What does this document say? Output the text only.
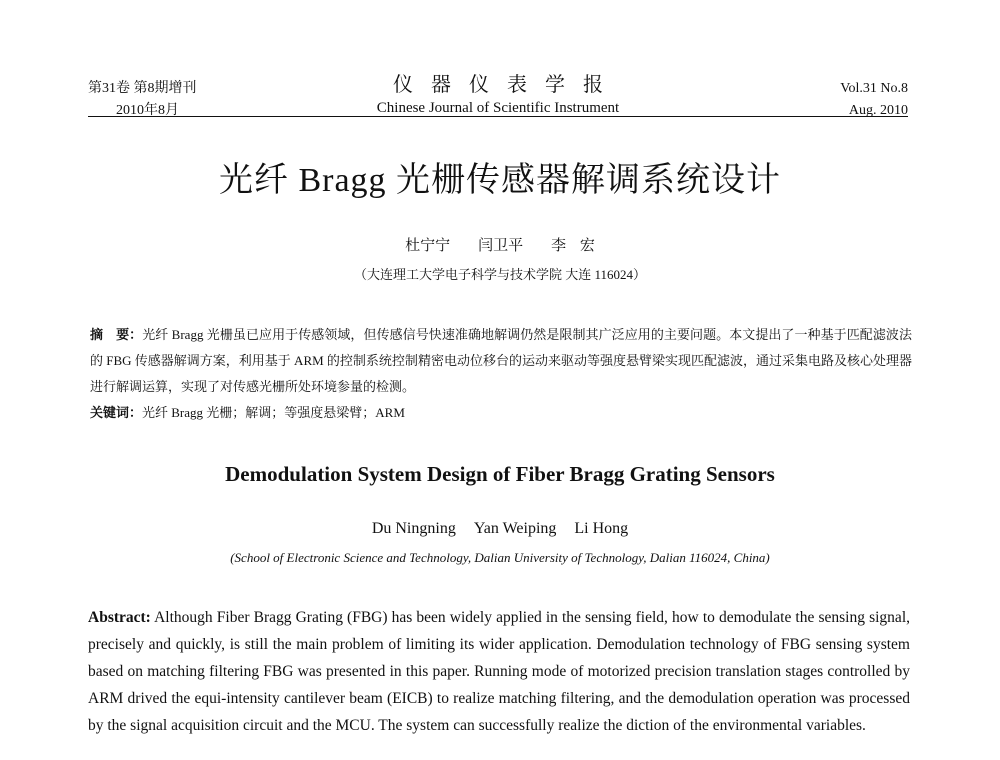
第31卷 第8期增刊
2010年8月
仪器仪表学报
Chinese Journal of Scientific Instrument
Vol.31 No.8
Aug. 2010
光纤 Bragg 光栅传感器解调系统设计
杜宁宁 闫卫平 李 宏
（大连理工大学电子科学与技术学院 大连 116024）
摘　要：光纤 Bragg 光栅虽已应用于传感领域，但传感信号快速准确地解调仍然是限制其广泛应用的主要问题。本文提出了一种基于匹配滤波法的 FBG 传感器解调方案，利用基于 ARM 的控制系统控制精密电动位移台的运动来驱动等强度悬臂梁实现匹配滤波，通过采集电路及核心处理器进行解调运算，实现了对传感光栅所处环境参量的检测。
关键词：光纤 Bragg 光栅；解调；等强度悬梁臂；ARM
Demodulation System Design of Fiber Bragg Grating Sensors
Du Ningning Yan Weiping Li Hong
(School of Electronic Science and Technology, Dalian University of Technology, Dalian 116024, China)
Abstract: Although Fiber Bragg Grating (FBG) has been widely applied in the sensing field, how to demodulate the sensing signal, precisely and quickly, is still the main problem of limiting its wider application. Demodulation technology of FBG sensing system based on matching filtering FBG was presented in this paper. Running mode of motorized precision translation stages controlled by ARM drived the equi-intensity cantilever beam (EICB) to realize matching filtering, and the demodulation operation was processed by the signal acquisition circuit and the MCU. The system can successfully realize the diction of the environmental variables.
